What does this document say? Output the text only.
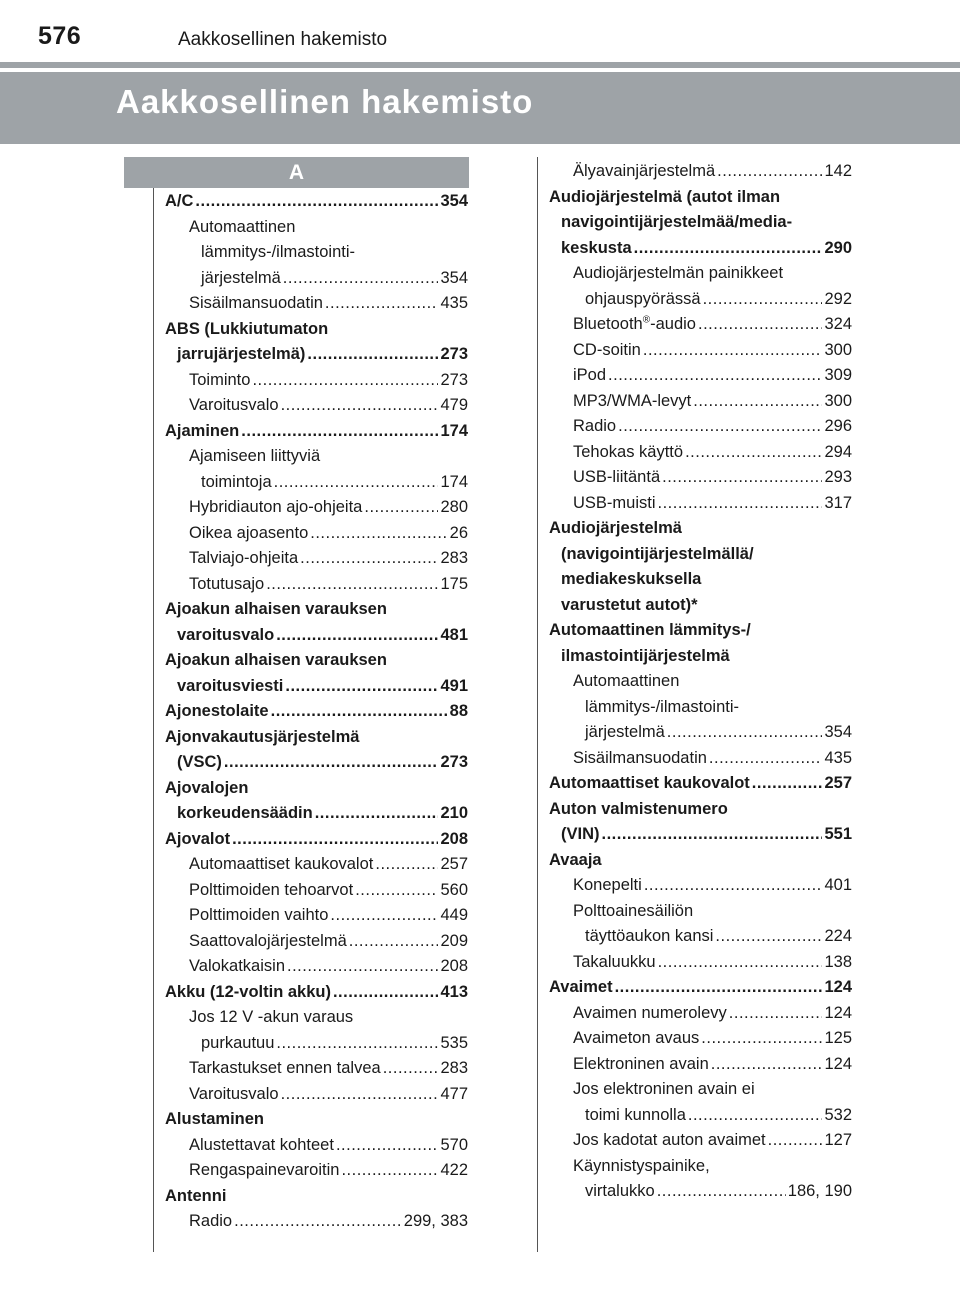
576	Aakkosellinen hakemisto
Aakkosellinen hakemisto
A
A/C .....	354
Automaattinen
lämmitys-/ilmastointi-
järjestelmä .....	354
Sisäilmansuodatin .....	435
ABS (Lukkiutumaton
jarrujärjestelmä) .....	273
Toiminto .....	273
Varoitusvalo .....	479
Ajaminen .....	174
Ajamiseen liittyviä
toimintoja .....	174
Hybridiauton ajo-ohjeita .....	280
Oikea ajoasento .....	26
Talviajo-ohjeita .....	283
Totutusajo .....	175
Ajoakun alhaisen varauksen
varoitusvalo .....	481
Ajoakun alhaisen varauksen
varoitusviesti .....	491
Ajonestolaite .....	88
Ajonvakautusjärjestelmä
(VSC) .....	273
Ajovalojen
korkeudensäädin .....	210
Ajovalot .....	208
Automaattiset kaukovalot .....	257
Polttimoiden tehoarvot .....	560
Polttimoiden vaihto .....	449
Saattovalojärjestelmä .....	209
Valokatkaisin .....	208
Akku (12-voltin akku) .....	413
Jos 12 V -akun varaus
purkautuu .....	535
Tarkastukset ennen talvea .....	283
Varoitusvalo .....	477
Alustaminen
Alustettavat kohteet .....	570
Rengaspainevaroitin .....	422
Antenni
Radio .....	299, 383
Älyavainjärjestelmä .....	142
Audiojärjestelmä (autot ilman
navigointijärjestelmää/media-
keskusta .....	290
Audiojärjestelmän painikkeet
ohjauspyörässä .....	292
Bluetooth®-audio .....	324
CD-soitin .....	300
iPod .....	309
MP3/WMA-levyt .....	300
Radio .....	296
Tehokas käyttö .....	294
USB-liitäntä .....	293
USB-muisti .....	317
Audiojärjestelmä
(navigointijärjestelmällä/
mediakeskuksella
varustetut autot)*
Automaattinen lämmitys-/
ilmastointijärjestelmä
Automaattinen
lämmitys-/ilmastointi-
järjestelmä .....	354
Sisäilmansuodatin .....	435
Automaattiset kaukovalot .....	257
Auton valmistenumero
(VIN) .....	551
Avaaja
Konepelti .....	401
Polttoainesäiliön
täyttöaukon kansi .....	224
Takaluukku .....	138
Avaimet .....	124
Avaimen numerolevy .....	124
Avaimeton avaus .....	125
Elektroninen avain .....	124
Jos elektroninen avain ei
toimi kunnolla .....	532
Jos kadotat auton avaimet .....	127
Käynnistyspainike,
virtalukko .....	186, 190
